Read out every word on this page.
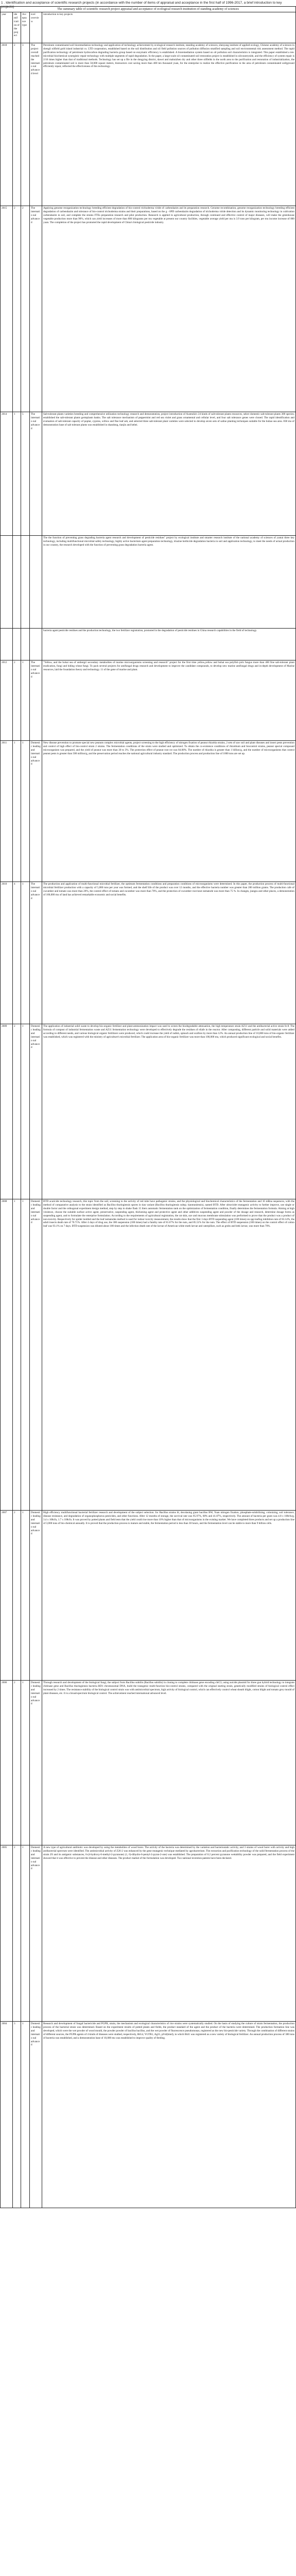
1 . Identification and acceptance of scientific research projects (in accordance with the number of items of appraisal and acceptance in the first half of 1996-2017, a brief introduction to key projects)
The summary table of scientific research project appraisal and acceptance of ecological research institution of standing academy of sciences				
year	ide ntif icati on of the proj ect	Acc epta nce type	evel overvie w	introduction to key projects
2018	2	3	The project overall reached the internatio nal advanced level	Petroleum contaminated soil bioremediation technology and application of technology achievement by ecological research institute, standing academy of sciences, shenyang institute of applied ecology, Chinese academy of sciences in shengli oilfield gold island industrial co. LTD cooperation, established based on the soil distribution and oil field pollution sources of pollution diffusion stratified sampling and soil environmental risk assessment method. The rapid purification technology of petroleum hydrocarbon degrading bacteria group based on enzymatic efficiency is established. A bioremediation system based on oil pollution soil characteristics is integrated. This paper established a ten-microbial biochemical synergistic repair technology with multiple segments of rapid degradation. In the paper, a large-scale oil contaminated soil restoration project is established in oilcountryside, and the efficiency of system repair is 2/10 times higher than that of traditional methods. Technology has set up a file in the dongying district, dawei and mahuizhen dry and other three oilfields in the north area to the purification and restoration of industrialization, the petroleum contaminated soil is more than 50,000 square meters, bioreactors cost saving more than 400 ten thousand yuan, for the enterprise to realize the effective purification in the area of petroleum contaminated soil(ground efficiently repair, reflected the effectiveness of this technology.

2015	2	2	The internatio nal advanced	Applying genome reorganization technology breeding efficient degradation of bio-control trichoderma viride of carbendazim and its preparation research. Genome recombination, genome reorganization technology breeding efficient degradation of carbendazim and tolerance of bio-control trichoderma strains and their preparations, based on the g - 6PD carbendazim degradation of trichoderma viride detection and its dynamic monitoring technology in cultivation carbendazim in soil, and complete the strains FTEs preparation research and pilot production. Research is applied in agricultural production, through continued and effective control of major diseases, will make the greenhouse vegetable production more than 90%, which can yield increases of more than 800 kilograms per mu vegetable at present our country facilities, vegetable average yield per mu is 3.9 tons per kilogram, per mu income increase of 800 yuan. The completion of the project has promoted the rapid development of China's biological pesticide industry.

2014	1	5	The internatio nal advanced	Salt-tolerant plants varieties breeding and comprehensive utilization technology research and demonstration, project introduction of Australia's 24 kinds of salt-tolerant plants resources, select domestic salt-tolerant plants 300 species, established the salt-tolerant plants germplasm banks. The salt tolerance mechanism of peppermint and red sea violet and grass ornamental and cellular level, and four salt tolerance genes were cloned. The rapid identification and evaluation of salt-tolerant capacity of poplar, cypress, willow and fine leaf ash, and selected three salt-tolerant plant varieties were selected to develop seven sets of saline planting techniques suitable for the huhao sea area. 838 mu of demonstration base of salt tolerant plants was established in shandong, tianjin and hebei.

				The the function of preventing grass degrading bacteria agent research and development of pesticide residues" project by ecological institute and smarter research institute of the national academy of sciences of yantai three key technology, including multifunctional microbial safety technology, highly active bacterium agent preparation technology, triazine herbicide degradation bacteria in soil and application technology, to meet the needs of actual production in our country, the research developed with the function of preventing grass degradation bacteria agent.

				bacteria agent pesticide residues and the production technology, the two fertilizer registration, promoted in the degradation of pesticide residues in China research capabilities in the field of technology.

2012	2	1	The internatio nal advanced	"Yellow, and the bohai sea of ambergri secondary metabolites of marine microorganisms screening and research" project for the first time yellow,yellow and bohai sea polyfish pick fungus more than 400 fine salt-tolerant plant eradication, fungi and hiding wheat fungi. To pack several projects for antifungal drugs research and development to improve the candidate compounds, to develop new marine antifungal drugs and in-depth development of Marine resources, laid the foundation theory and technology. 11 of the gene of marine and plant.

2011	1	1	Domestic leading and internatio nal advanced	New disease prevention to promote special new peanuts complex microbial agents, project screening to the high efficiency of nitrogen fixation of peanut rhizobia strains, 2 sets of saw soil and plant diseases and insect pests prevention and control of high effect of bio-control strain 2 strains. The fermentation conditions of the strain were studied and optimized. To obtain the co-existence conditions of rhizobium and biocontrol strains, peanut special compound microorganism was prepared, and the yield of peanut was more than 30 to 3%. The protection effect of peanut root rot was 84.08%. The number of rhizobia is greater than 1 billion/g, and the number of microorganisms that control peanut pests is greater than 500 million/g, and the preservation period reaches the national agricultural industry standard. The production process and production line of 1000 tons are set up.

2010	4	1	The internatio nal advanced	The production and application of multi-functional microbial fertilizer, the optimum fermentation conditions and preparation conditions of microorganisms were determined. In this paper, the production process of multi-functional microbial fertilizer production with a capacity of 5,000 tons per year was formed, and the shelf life of the product was over 12 months, and the effective bacteria number was greater than 200 million grams. The production cafe of cucumber and tomato was more than 20%, the control effect of tomato and cucumber was more than 70%, and the protection of cucumber root knot nematode was more than 75 %. In changes, jiangsu and other places, a demonstration of 100,000 mu of land has achieved remarkable economic and social benefits.

2009	2	1	Domestic leading and internatio nal advanced	The application of industrial solid waste to develop bio-organic fertilizer and plant-ammonization impact was used to screen the biodegradable attenuation, the high temperature strain AZ11 and the antibacterial active strain fe-8. The formula of compost of industrial fermentation waste and AZ11 fermentation technology were developed to effectively degrade the residues of eliafe in the reactor. After composting, different particle and solid materials were added according to different needs, and various biological organic fertilizers were produced, which could increase the yield of radish, spinach and scallion by more than 12%. An annual production line of 10,000 tons of bio-organic fertilizer was established, which was registered with the ministry of agriculture's microbial fertilizer. The application area of bio-organic fertilizer was more than 100,000 mu, which produced significant ecological and social benefits.

2008	1	1	Domestic leading and internatio nal advanced	BTD acaricide technology research, this topic from the soil, screening to the activity of red mite have pathogenic strains, and the physiological and biochemical characteristics of the fermentation and 16 mRna sequences, with the method of comparative analysis to the strain identified as Bacillus thuringiensis spores in tian variant (Bacillus thuringiensis subsp. tianmuniensis), named BTD. After ultraviolet mutagenic activity to further improve, use single or double factor and the orthogonal experiment design method, step by step in shake flask 15 liters automatic fermentation tank on the optimization of fermentation condition, finally determines the fermentation formula. Aiming at high virulence, choose the suitable surface active agent, preservative, suspending agent, thickening agent and protective agent and other additives suspending agent and powder of the dosage and research, determine dosage forms as suspending agent, and to formulate the enterprise formulation. According to the requirements of agricultural registration, the rat skin, eye and mucous membrane stimulation was performed to prove that the product was a product of non-toxicity. Respectively for spider mottled and the leaf nematodes method is used for indoor toxicity measurement, the results show that the first 3 days BTD suspending agent (100 times) on spp leafing inhibition rate of 83.14%, the adult insects death rate of 70.71%. After 4 days of drug use, the 300 suspension (100 times) had a fatality rate of 81.67% for the nuts, and 85.51% for the nuts. The effect of BTD suspension (100 times) on the control effect of cotton leaf was 93.1% on 7 days. BTD suspension was diluted about 100 times and the infection death rate of the larvae of American white moth larvae and caterpillars, such as grubs and leek larvae, was more than 70%.

2007	2	1	Domestic leading and internatio nal advanced	High efficiency multifunctional bacterial fertilizer research and development of the subject selection. for Bacillus strains bl, decolasing giant bacillus BW, Yuan nitrogen fixation, phosphate-solubilizing, colonizing, soil tolerance, disease resistance, and degradation of organophosphorus pesticides, and other functions. After 12 months of storage, the survival rate was 95.97%, 68% and 41.87%, respectively. The amount of bacteria per gram was 4.8 x 108cfu/g, 3.4 x 108cfu, 1.7 x 108cfu. It was proved by potted plants and field tests that the yield could rise more than 10% higher than that of microorganisms in the existing market. We have completed three products and set up a production line of 3,000 tons of bio-chemical annually. It is proved that the production process is mature and stable, the fermentation period is less than 30 hours, and the fermentation level can be stable to more than 9 billion cells.

2006	2	1	Domestic leading and internatio nal advanced	Through research and development of the biological fungi, the subject from Bacillus subtilis (Bacillus subtilis) in cloning to complete chitinase gene encoding chiC3, using suicide plasmid for three gun hybrid technology to integrate chitinase gene and Bacillus thuringiensis bacteria BD1 chromosomal DNA, build the transgenic multi-function bio-control strains, compared with the original starting strain, genetically modified strains of biological control effect increased by 2 times. The resistance stability of the biological control strain was with antimicrobial spectrum, high activity of biological control, which can effectively control wheat sheath blight, cotton blight and tomato grey mould of plant diseases, etc. It is a broad-spectrum biological control. The achievement reached international advanced level.

2005	2	1	Domestic leading and internatio nal advanced	A new type of agricultural antibiotic was developed by using the metabolites of wood borer. The activity of the bacteria was determined by the variation and bacteriostatic activity, and 3 strains of wood borer with activity and high antibacterial spectrum were identified. The antimicrobial activity of Z26-2 was enhanced by the gene mutagenic technique mediated by agrobacterium. The extraction and purification technology of the solid fermentation process of the strain Z6 and its antigenic substances, 6-(4-hydroxy-6-methyl-2-pyranone) (1, 6)-dihydro-6-pentyl-2-pyran-2-one) was established. The preparation of 0.2 percent pyranone wettability powder was prepared, and the field experiment showed that it was effective to prevent the disease and other diseases. The product market of the formulation was developed. Two national invention patents have been declared.

2004	3	1	Domestic leading and internatio nal advanced	Research and development of fungal bactericide and PGPR, strain, the mechanism and ecological characteristics of rice strains were systematically studied. On the basis of studying the culture of strain fermentation, the production process of the bacterial strain was determined. Based on the experiment results of potted plants and fields, the product standard of the agent and the product of the bacteria were determined. The production formation line was developed, which were the wet powder of wood mould, the powder powder of bacillus bacillus, and the wet powder of fluorescence pseudomonas, registered as the new bio-pesticide variety. Through the combination of different strains of different sources, the PGPR agents of 4 kinds of diseases were studied, respectively, BtG4, YGTR1, Ag31, pf-kl(kind), in which Bt41 was registered as a new variety of biological fertilizer. An annual production process of 300 tons of bacteria was established, and a demonstration base of 10,000 mu was established to improve quality of feeding.
